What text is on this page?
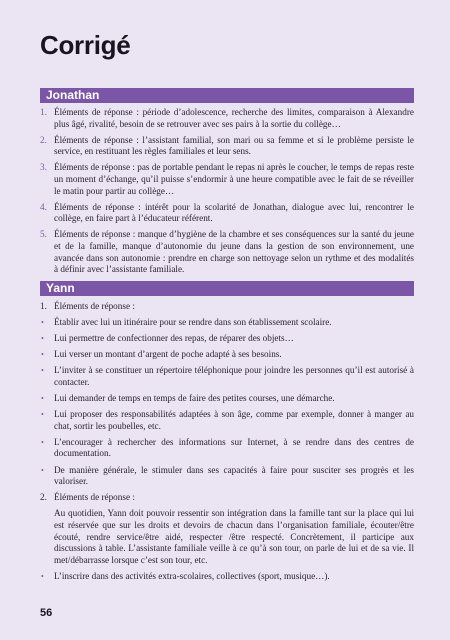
Corrigé
Jonathan
1. Éléments de réponse : période d’adolescence, recherche des limites, comparaison à Alexandre plus âgé, rivalité, besoin de se retrouver avec ses pairs à la sortie du collège…
2. Éléments de réponse : l’assistant familial, son mari ou sa femme et si le problème persiste le service, en restituant les règles familiales et leur sens.
3. Éléments de réponse : pas de portable pendant le repas ni après le coucher, le temps de repas reste un moment d’échange, qu’il puisse s’endormir à une heure compatible avec le fait de se réveiller le matin pour partir au collège…
4. Éléments de réponse : intérêt pour la scolarité de Jonathan, dialogue avec lui, rencontrer le collège, en faire part à l’éducateur référent.
5. Éléments de réponse : manque d’hygiène de la chambre et ses conséquences sur la santé du jeune et de la famille, manque d’autonomie du jeune dans la gestion de son environnement, une avancée dans son autonomie : prendre en charge son nettoyage selon un rythme et des modalités à définir avec l’assistante familiale.
Yann
1. Éléments de réponse :
• Établir avec lui un itinéraire pour se rendre dans son établissement scolaire.
• Lui permettre de confectionner des repas, de réparer des objets…
• Lui verser un montant d’argent de poche adapté à ses besoins.
• L’inviter à se constituer un répertoire téléphonique pour joindre les personnes qu’il est autorisé à contacter.
• Lui demander de temps en temps de faire des petites courses, une démarche.
• Lui proposer des responsabilités adaptées à son âge, comme par exemple, donner à manger au chat, sortir les poubelles, etc.
• L’encourager à rechercher des informations sur Internet, à se rendre dans des centres de documentation.
• De manière générale, le stimuler dans ses capacités à faire pour susciter ses progrès et les valoriser.
2. Éléments de réponse :

Au quotidien, Yann doit pouvoir ressentir son intégration dans la famille tant sur la place qui lui est réservée que sur les droits et devoirs de chacun dans l’organisation familiale, écouter/être écouté, rendre service/être aidé, respecter /être respecté. Concrètement, il participe aux discussions à table. L’assistante familiale veille à ce qu’à son tour, on parle de lui et de sa vie. Il met/débarrasse lorsque c’est son tour, etc.

• L’inscrire dans des activités extra-scolaires, collectives (sport, musique…).
56
